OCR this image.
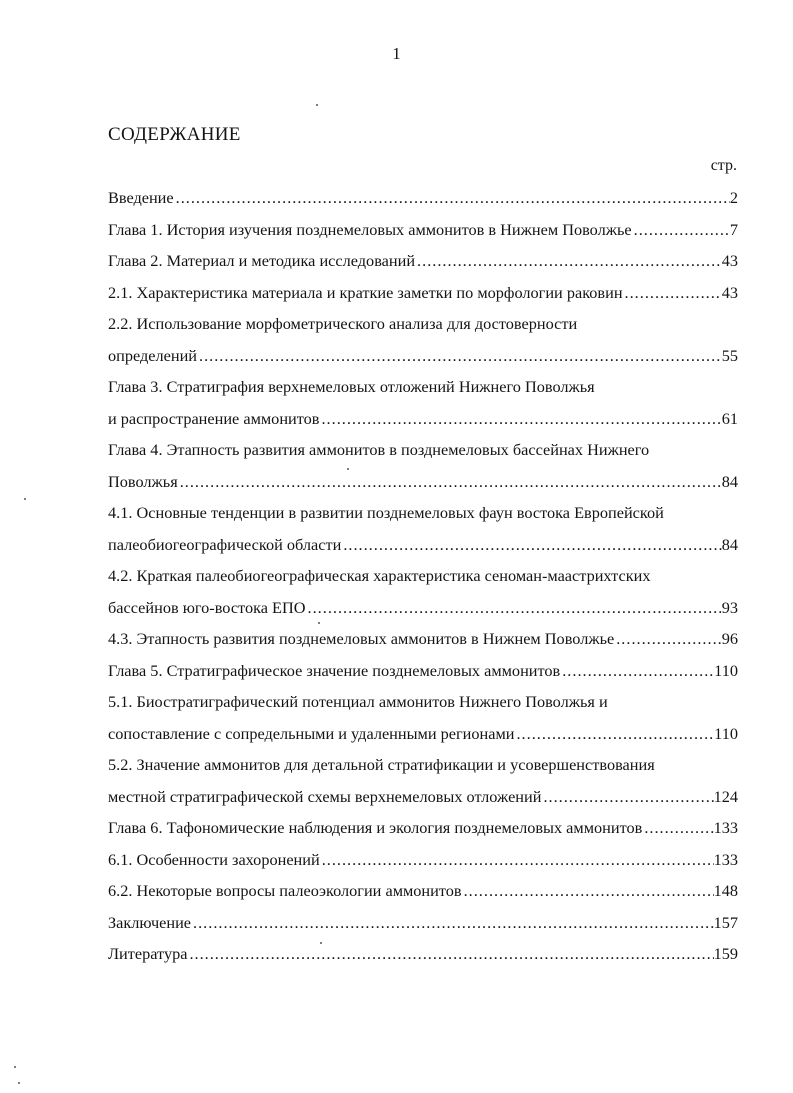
1
СОДЕРЖАНИЕ
стр.
Введение .....	2
Глава 1. История изучения позднемеловых аммонитов в Нижнем Поволжье .....	7
Глава 2. Материал и методика исследований .....	43
2.1. Характеристика материала и краткие заметки по морфологии раковин .....	43
2.2. Использование морфометрического анализа для достоверности
определений .....	55
Глава 3. Стратиграфия верхнемеловых отложений Нижнего Поволжья
и распространение аммонитов .....	61
Глава 4. Этапность развития аммонитов в позднемеловых бассейнах Нижнего
Поволжья .....	84
4.1. Основные тенденции в развитии позднемеловых фаун востока Европейской
палеобиогеографической области .....	84
4.2. Краткая палеобиогеографическая характеристика сеноман-маастрихтских
бассейнов юго-востока ЕПО .....	93
4.3. Этапность развития позднемеловых аммонитов в Нижнем Поволжье .....	96
Глава 5. Стратиграфическое значение позднемеловых аммонитов .....	110
5.1. Биостратиграфический потенциал аммонитов Нижнего Поволжья и
сопоставление с сопредельными и удаленными регионами .....	110
5.2. Значение аммонитов для детальной стратификации и усовершенствования
местной стратиграфической схемы верхнемеловых отложений .....	124
Глава 6. Тафономические наблюдения и экология позднемеловых аммонитов .....	133
6.1. Особенности захоронений .....	133
6.2. Некоторые вопросы палеоэкологии аммонитов .....	148
Заключение .....	157
Литература .....	159
